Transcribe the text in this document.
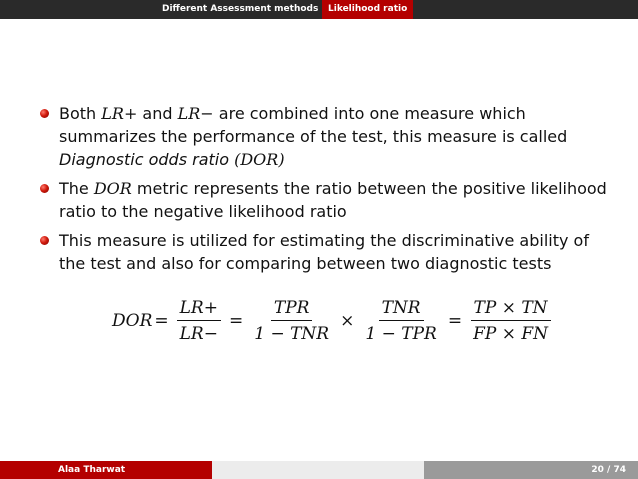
Different Assessment methods	Likelihood ratio
Both LR+ and LR− are combined into one measure which summarizes the performance of the test, this measure is called Diagnostic odds ratio (DOR)
The DOR metric represents the ratio between the positive likelihood ratio to the negative likelihood ratio
This measure is utilized for estimating the discriminative ability of the test and also for comparing between two diagnostic tests
DOR = $\frac{LR+}{LR-} = \frac{\text{TPR}}{\text{1 − TNR}} \times \frac{\text{TNR}}{\text{1 − TPR}} = \frac{TP \times TN}{FP \times FN}$
Alaa Tharwat	20 / 74
